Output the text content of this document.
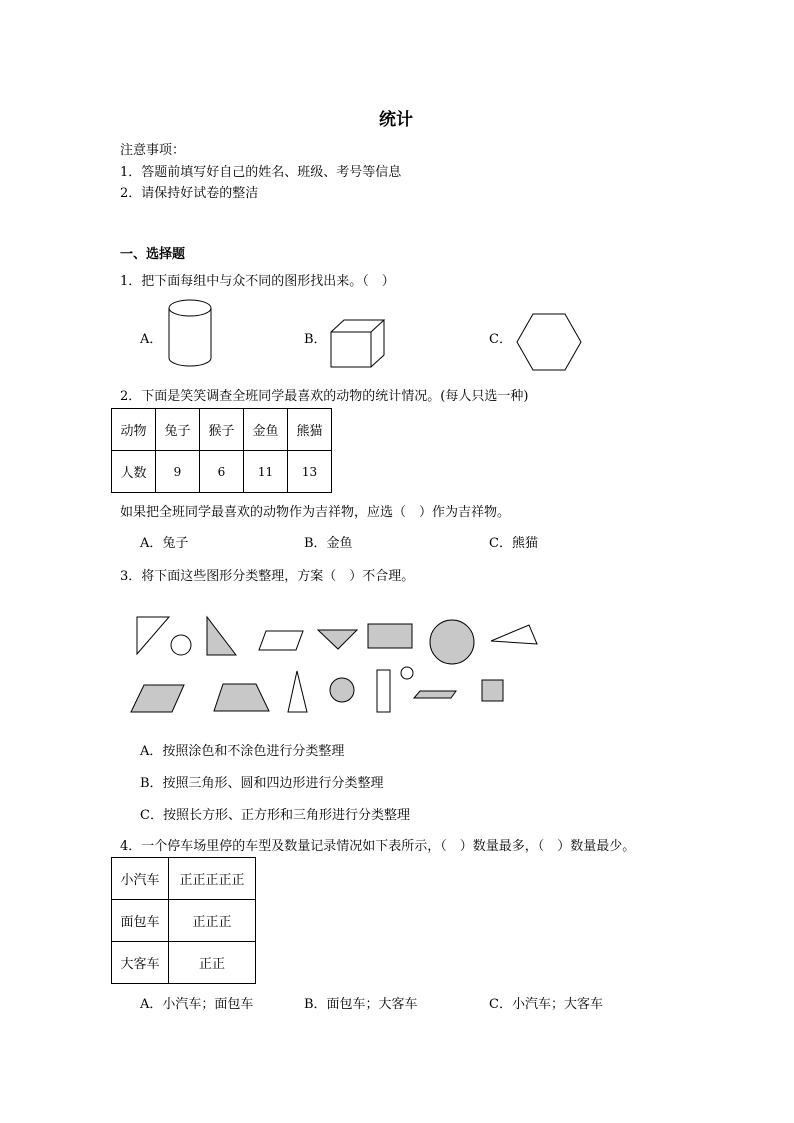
统计
注意事项：
1．答题前填写好自己的姓名、班级、考号等信息
2．请保持好试卷的整洁
一、选择题
1．把下面每组中与众不同的图形找出来。（　）
A．	B．	C．
2．下面是笑笑调查全班同学最喜欢的动物的统计情况。(每人只选一种)
动物	兔子	猴子	金鱼	熊猫
人数	9	6	11	13
如果把全班同学最喜欢的动物作为吉祥物，应选（　）作为吉祥物。
A．兔子	B．金鱼	C．熊猫
3．将下面这些图形分类整理，方案（　）不合理。
A．按照涂色和不涂色进行分类整理
B．按照三角形、圆和四边形进行分类整理
C．按照长方形、正方形和三角形进行分类整理
4．一个停车场里停的车型及数量记录情况如下表所示，（　）数量最多，（　）数量最少。
小汽车	正正正正正
面包车	正正正
大客车	正正
A．小汽车；面包车	B．面包车；大客车	C．小汽车；大客车
